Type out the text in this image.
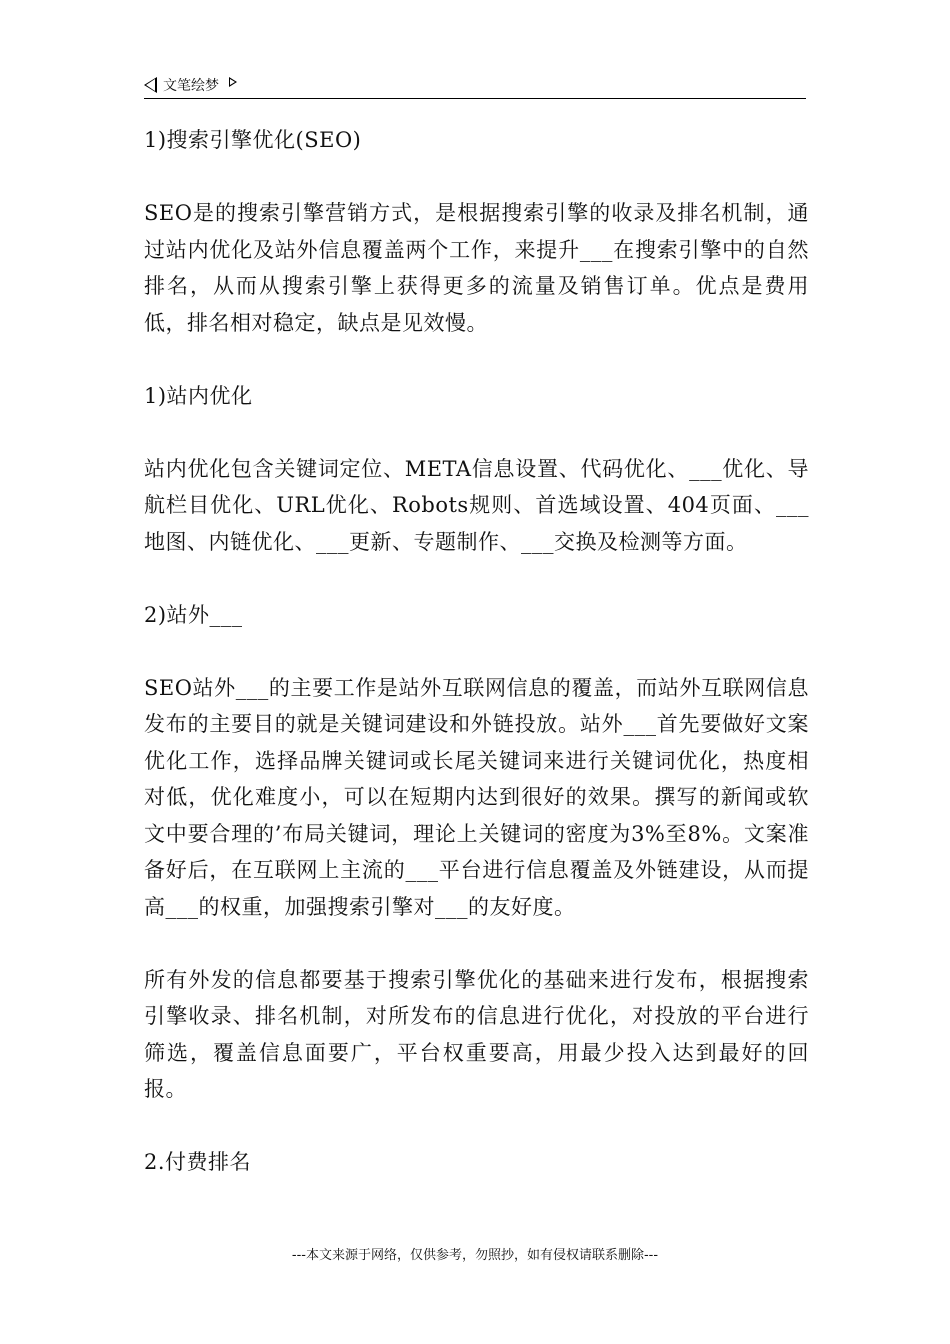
文笔绘梦

1)搜索引擎优化(SEO)

SEO是的搜索引擎营销方式，是根据搜索引擎的收录及排名机制，通过站内优化及站外信息覆盖两个工作，来提升___在搜索引擎中的自然排名，从而从搜索引擎上获得更多的流量及销售订单。优点是费用低，排名相对稳定，缺点是见效慢。

1)站内优化

站内优化包含关键词定位、META信息设置、代码优化、___优化、导航栏目优化、URL优化、Robots规则、首选域设置、404页面、___地图、内链优化、___更新、专题制作、___交换及检测等方面。

2)站外___

SEO站外___的主要工作是站外互联网信息的覆盖，而站外互联网信息发布的主要目的就是关键词建设和外链投放。站外___首先要做好文案优化工作，选择品牌关键词或长尾关键词来进行关键词优化，热度相对低，优化难度小，可以在短期内达到很好的效果。撰写的新闻或软文中要合理的’布局关键词，理论上关键词的密度为3%至8%。文案准备好后，在互联网上主流的___平台进行信息覆盖及外链建设，从而提高___的权重，加强搜索引擎对___的友好度。

所有外发的信息都要基于搜索引擎优化的基础来进行发布，根据搜索引擎收录、排名机制，对所发布的信息进行优化，对投放的平台进行筛选，覆盖信息面要广，平台权重要高，用最少投入达到最好的回报。

2.付费排名

---本文来源于网络，仅供参考，勿照抄，如有侵权请联系删除---
